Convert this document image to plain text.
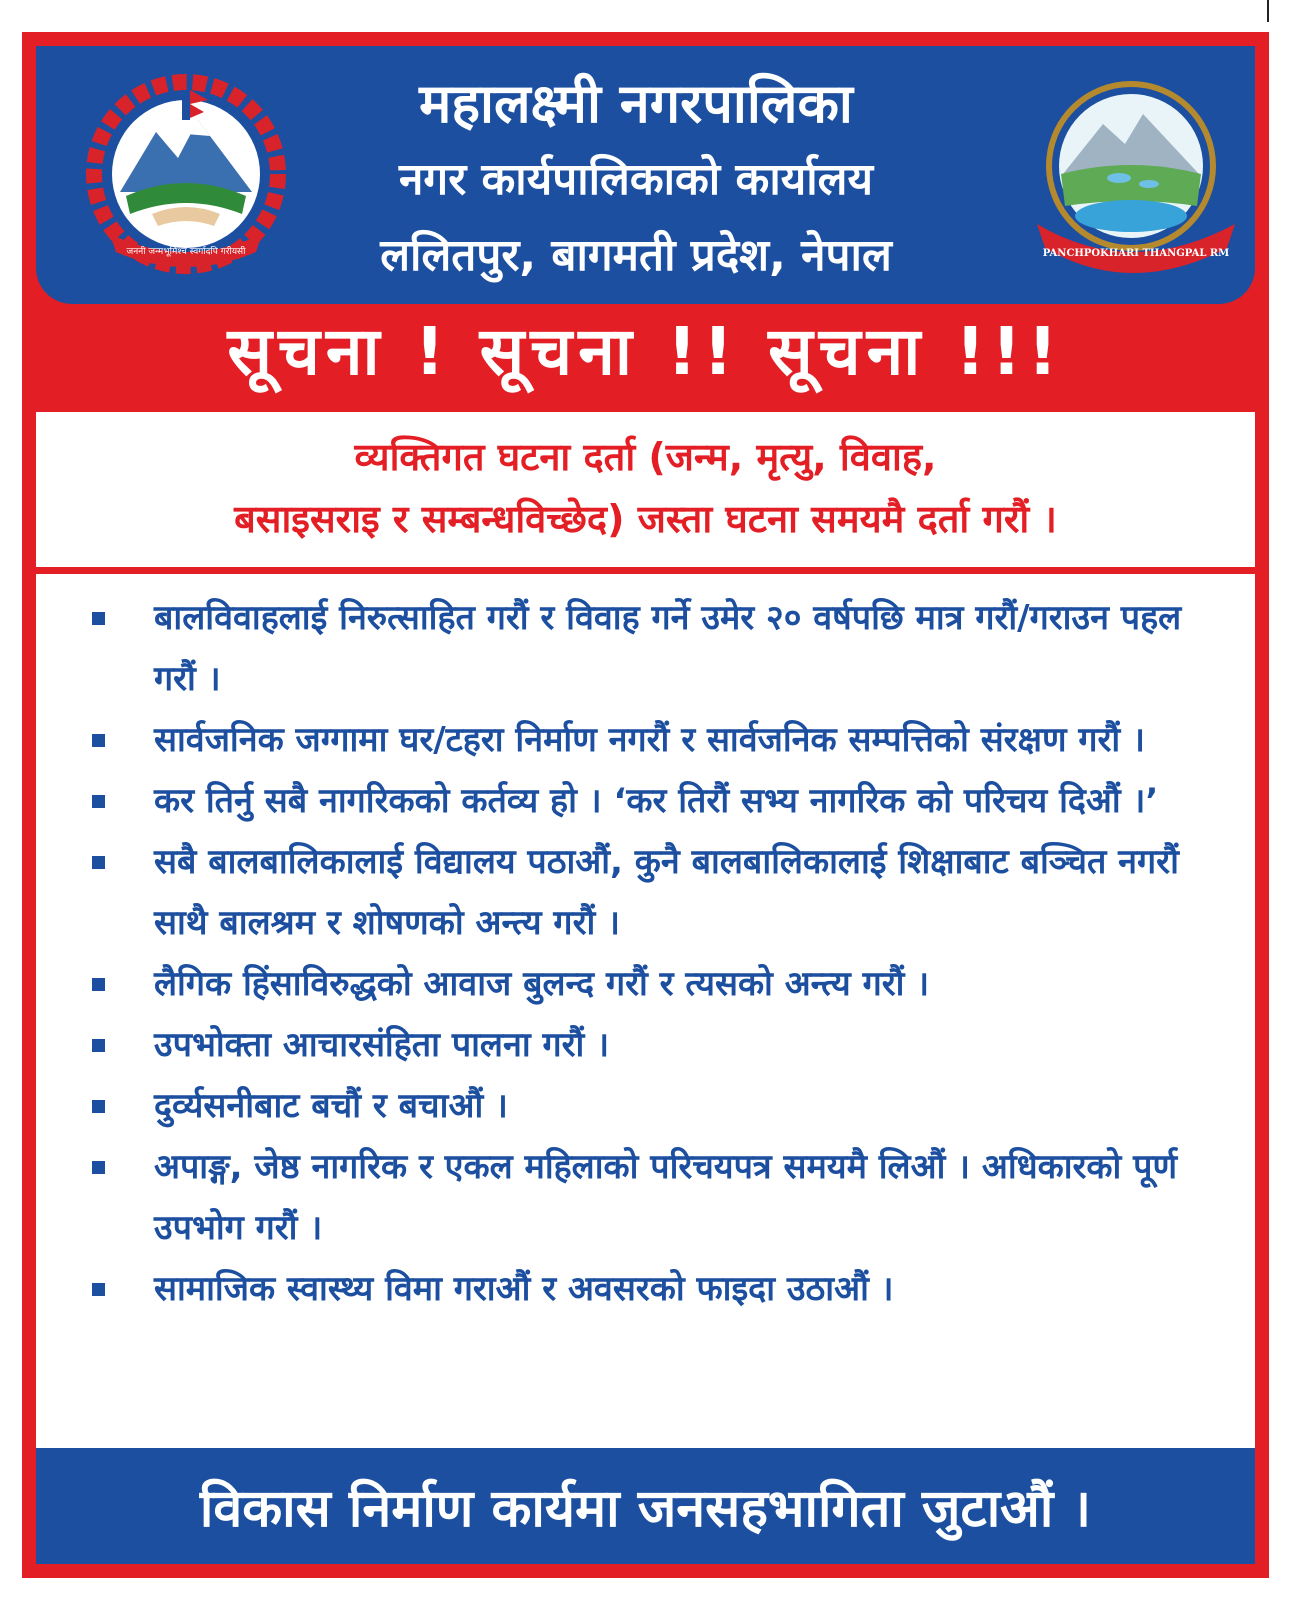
जननी जन्मभूमिश्च स्वर्गादपि गरीयसी
महालक्ष्मी नगरपालिका
नगर कार्यपालिकाको कार्यालय
ललितपुर, बागमती प्रदेश, नेपाल	PANCHPOKHARI THANGPAL RM
सूचना ! सूचना !! सूचना !!!
व्यक्तिगत घटना दर्ता (जन्म, मृत्यु, विवाह,
बसाइसराइ र सम्बन्धविच्छेद) जस्ता घटना समयमै दर्ता गरौं ।
बालविवाहलाई निरुत्साहित गरौं र विवाह गर्ने उमेर २० वर्षपछि मात्र गरौं/गराउन पहल गरौं ।
सार्वजनिक जग्गामा घर/टहरा निर्माण नगरौं र सार्वजनिक सम्पत्तिको संरक्षण गरौं ।
कर तिर्नु सबै नागरिकको कर्तव्य हो । ‘कर तिरौं सभ्य नागरिक को परिचय दिऔं ।’
सबै बालबालिकालाई विद्यालय पठाऔं, कुनै बालबालिकालाई शिक्षाबाट बञ्चित नगरौं साथै बालश्रम र शोषणको अन्त्य गरौं ।
लैगिक हिंसाविरुद्धको आवाज बुलन्द गरौं र त्यसको अन्त्य गरौं ।
उपभोक्ता आचारसंहिता पालना गरौं ।
दुर्व्यसनीबाट बचौं र बचाऔं ।
अपाङ्ग, जेष्ठ नागरिक र एकल महिलाको परिचयपत्र समयमै लिऔं । अधिकारको पूर्ण उपभोग गरौं ।
सामाजिक स्वास्थ्य विमा गराऔं र अवसरको फाइदा उठाऔं ।
विकास निर्माण कार्यमा जनसहभागिता जुटाऔं ।
